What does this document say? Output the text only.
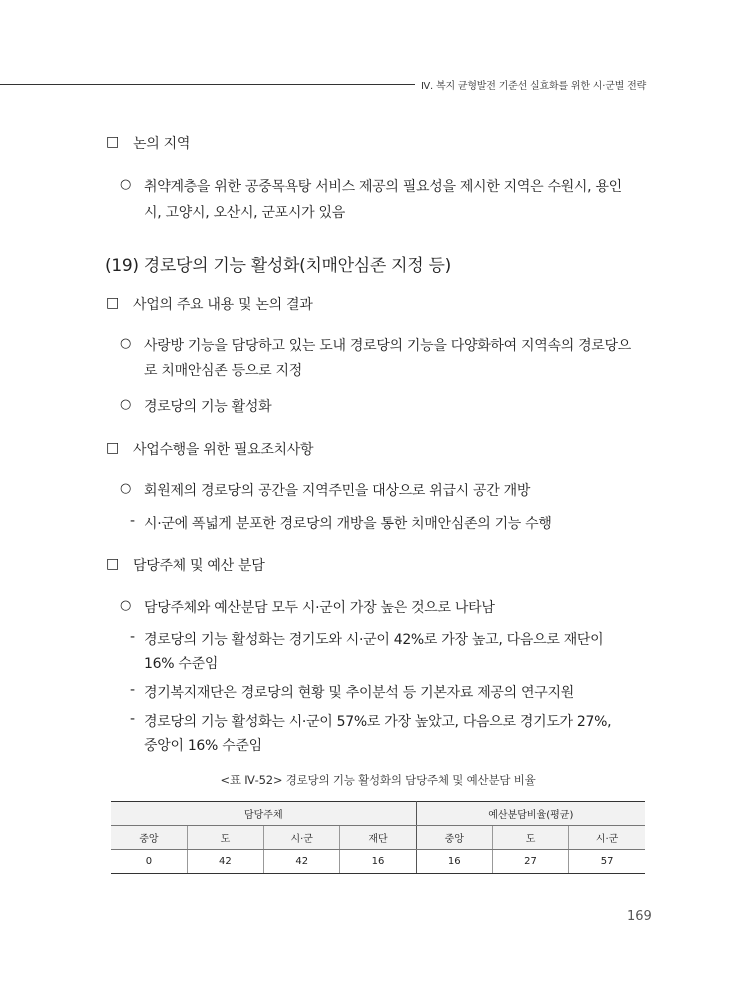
Ⅳ. 복지 균형발전 기준선 실효화를 위한 시·군별 전략
□ 논의 지역
○ 취약계층을 위한 공중목욕탕 서비스 제공의 필요성을 제시한 지역은 수원시, 용인
시, 고양시, 오산시, 군포시가 있음
(19) 경로당의 기능 활성화(치매안심존 지정 등)
□ 사업의 주요 내용 및 논의 결과
○ 사랑방 기능을 담당하고 있는 도내 경로당의 기능을 다양화하여 지역속의 경로당으
로 치매안심존 등으로 지정
○ 경로당의 기능 활성화
□ 사업수행을 위한 필요조치사항
○ 회원제의 경로당의 공간을 지역주민을 대상으로 위급시 공간 개방
- 시·군에 폭넓게 분포한 경로당의 개방을 통한 치매안심존의 기능 수행
□ 담당주체 및 예산 분담
○ 담당주체와 예산분담 모두 시·군이 가장 높은 것으로 나타남
- 경로당의 기능 활성화는 경기도와 시·군이 42%로 가장 높고, 다음으로 재단이
16% 수준임
- 경기복지재단은 경로당의 현황 및 추이분석 등 기본자료 제공의 연구지원
- 경로당의 기능 활성화는 시·군이 57%로 가장 높았고, 다음으로 경기도가 27%,
중앙이 16% 수준임
<표 Ⅳ-52> 경로당의 기능 활성화의 담당주체 및 예산분담 비율
담당주체				예산분담비율(평균)		
중앙	도	시·군	재단	중앙	도	시·군
0	42	42	16	16	27	57
169
